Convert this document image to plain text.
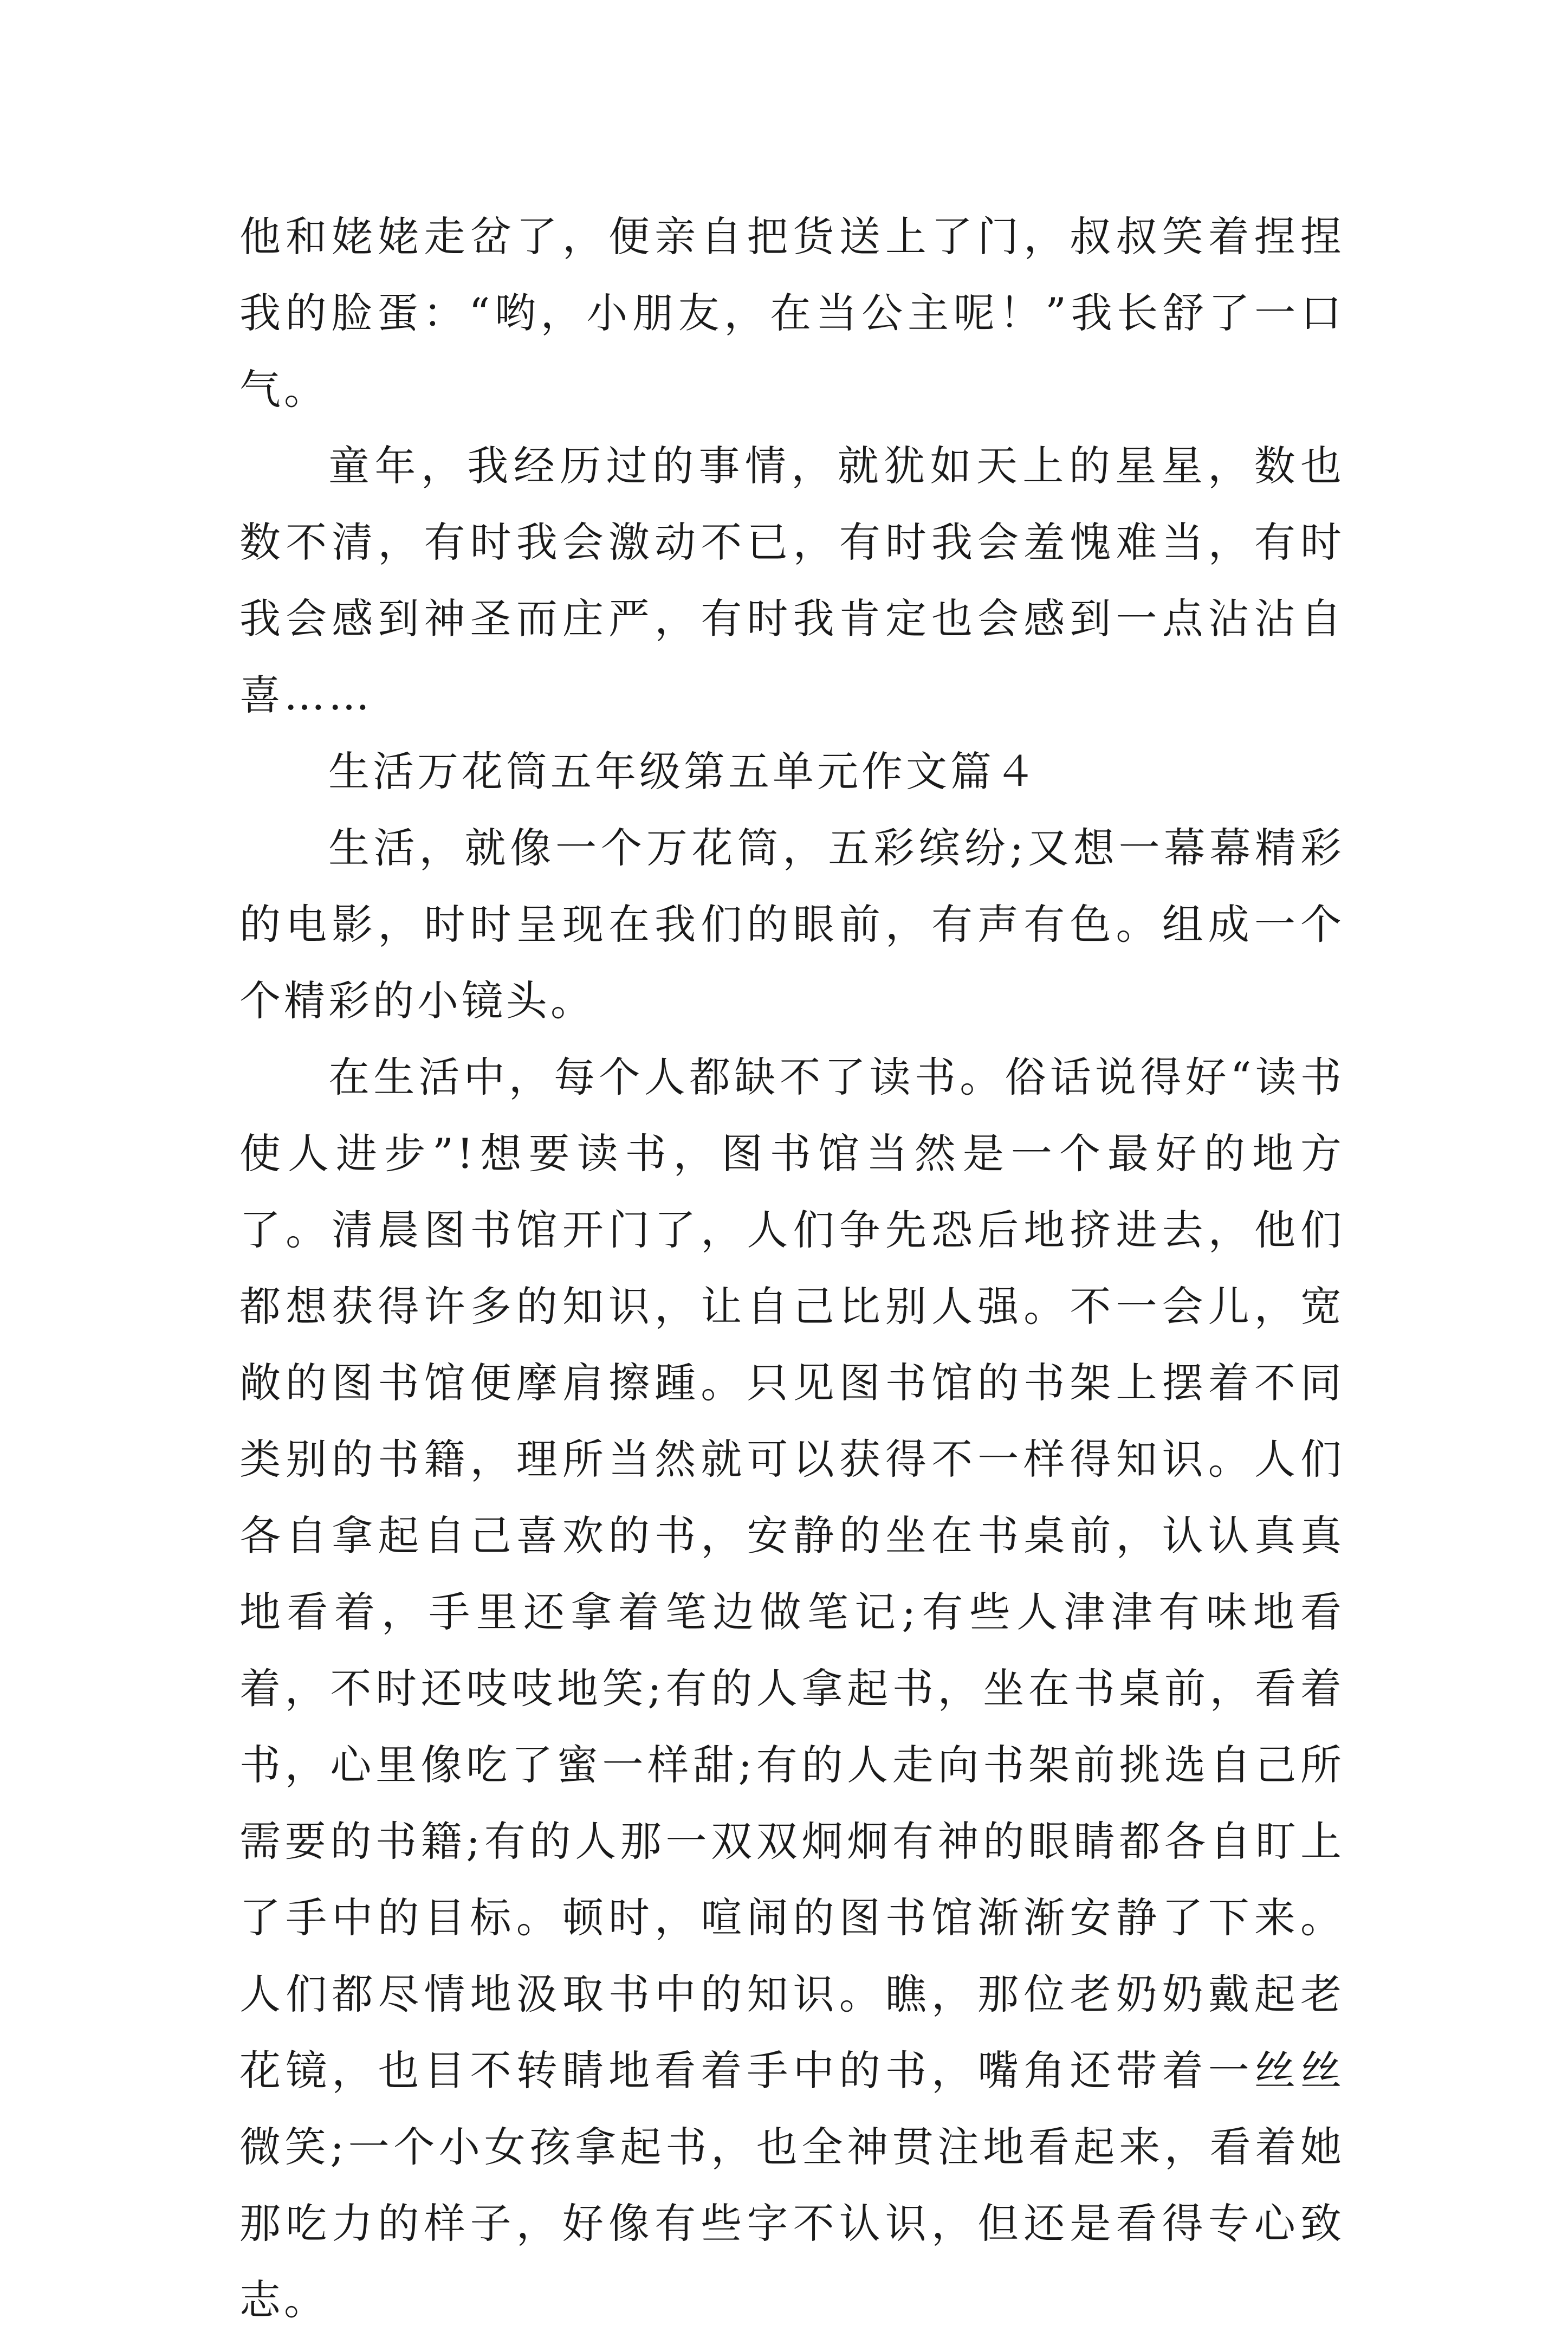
他和姥姥走岔了，便亲自把货送上了门，叔叔笑着捏捏我的脸蛋：“哟，小朋友，在当公主呢！”我长舒了一口气。

童年，我经历过的事情，就犹如天上的星星，数也数不清，有时我会激动不已，有时我会羞愧难当，有时我会感到神圣而庄严，有时我肯定也会感到一点沾沾自喜……

生活万花筒五年级第五单元作文篇４

生活，就像一个万花筒，五彩缤纷;又想一幕幕精彩的电影，时时呈现在我们的眼前，有声有色。组成一个个精彩的小镜头。

在生活中，每个人都缺不了读书。俗话说得好“读书使人进步”!想要读书，图书馆当然是一个最好的地方了。清晨图书馆开门了，人们争先恐后地挤进去，他们都想获得许多的知识，让自己比别人强。不一会儿，宽敞的图书馆便摩肩擦踵。只见图书馆的书架上摆着不同类别的书籍，理所当然就可以获得不一样得知识。人们各自拿起自己喜欢的书，安静的坐在书桌前，认认真真地看着，手里还拿着笔边做笔记;有些人津津有味地看着，不时还吱吱地笑;有的人拿起书，坐在书桌前，看着书，心里像吃了蜜一样甜;有的人走向书架前挑选自己所需要的书籍;有的人那一双双炯炯有神的眼睛都各自盯上了手中的目标。顿时，喧闹的图书馆渐渐安静了下来。人们都尽情地汲取书中的知识。瞧，那位老奶奶戴起老花镜，也目不转睛地看着手中的书，嘴角还带着一丝丝微笑;一个小女孩拿起书，也全神贯注地看起来，看着她那吃力的样子，好像有些字不认识，但还是看得专心致志。
